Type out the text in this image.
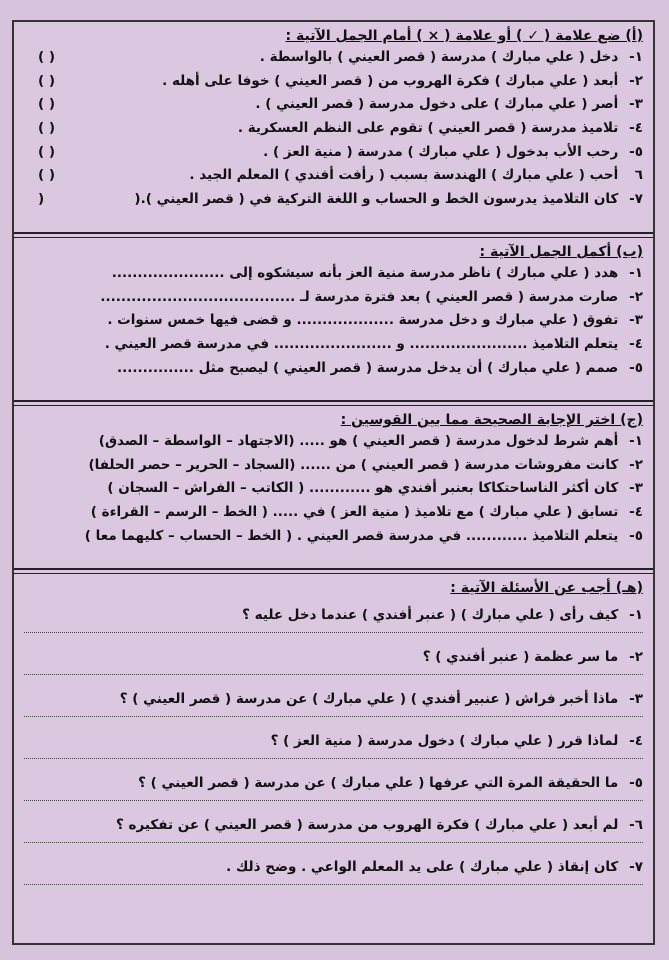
(أ) ضع علامة ( ✓ ) أو علامة ( × ) أمام الجمل الآتية :
١- دخل ( علي مبارك ) مدرسة ( قصر العيني ) بالواسطة .
( )
٢- أبعد ( علي مبارك ) فكرة الهروب من ( قصر العيني ) خوفا على أهله .
( )
٣- أصر ( علي مبارك ) على دخول مدرسة ( قصر العيني ) .
( )
٤- تلاميذ مدرسة ( قصر العيني ) تقوم على النظم العسكرية .
( )
٥- رحب الأب بدخول ( علي مبارك ) مدرسة ( منية العز ) .
( )
٦ أحب ( علي مبارك ) الهندسة بسبب ( رأفت أفندي ) المعلم الجيد .
( )
٧- كان التلاميذ يدرسون الخط و الحساب و اللغة التركية في ( قصر العيني ).(
)
(ب) أكمل الجمل الآتية :
١- هدد ( علي مبارك ) ناظر مدرسة منية العز بأنه سيشكوه إلى ......................
٢- صارت مدرسة ( قصر العيني ) بعد فترة مدرسة لـ ......................................
٣- تفوق ( علي مبارك و دخل مدرسة ................... و قضى فيها خمس سنوات .
٤- يتعلم التلاميذ ....................... و ....................... في مدرسة قصر العيني .
٥- صمم ( علي مبارك ) أن يدخل مدرسة ( قصر العيني ) ليصبح مثل ...............
(ج) اختر الإجابة الصحيحة مما بين القوسين :
١- أهم شرط لدخول مدرسة ( قصر العيني ) هو ..... (الاجتهاد – الواسطة – الصدق)
٢- كانت مفروشات مدرسة ( قصر العيني ) من ...... (السجاد – الحرير – حصر الحلفا)
٣- كان أكثر الناساحتكاكا بعنبر أفندي هو ............ ( الكاتب – الفراش – السجان )
٤- تسابق ( علي مبارك ) مع تلاميذ ( منية العز ) في ..... ( الخط – الرسم – القراءة )
٥- يتعلم التلاميذ ............ في مدرسة قصر العيني . ( الخط – الحساب – كليهما معا )
(هـ) أجب عن الأسئلة الآتية :
١- كيف رأى ( علي مبارك ) ( عنبر أفندي ) عندما دخل عليه ؟
٢- ما سر عظمة ( عنبر أفندي ) ؟
٣- ماذا أخبر فراش ( عنبير أفندي ) ( علي مبارك ) عن مدرسة ( قصر العيني ) ؟
٤- لماذا قرر ( علي مبارك ) دخول مدرسة ( منية العز ) ؟
٥- ما الحقيقة المرة التي عرفها ( علي مبارك ) عن مدرسة ( قصر العيني ) ؟
٦- لم أبعد ( علي مبارك ) فكرة الهروب من مدرسة ( قصر العيني ) عن تفكيره ؟
٧- كان إنقاذ ( علي مبارك ) على يد المعلم الواعي . وضح ذلك .
